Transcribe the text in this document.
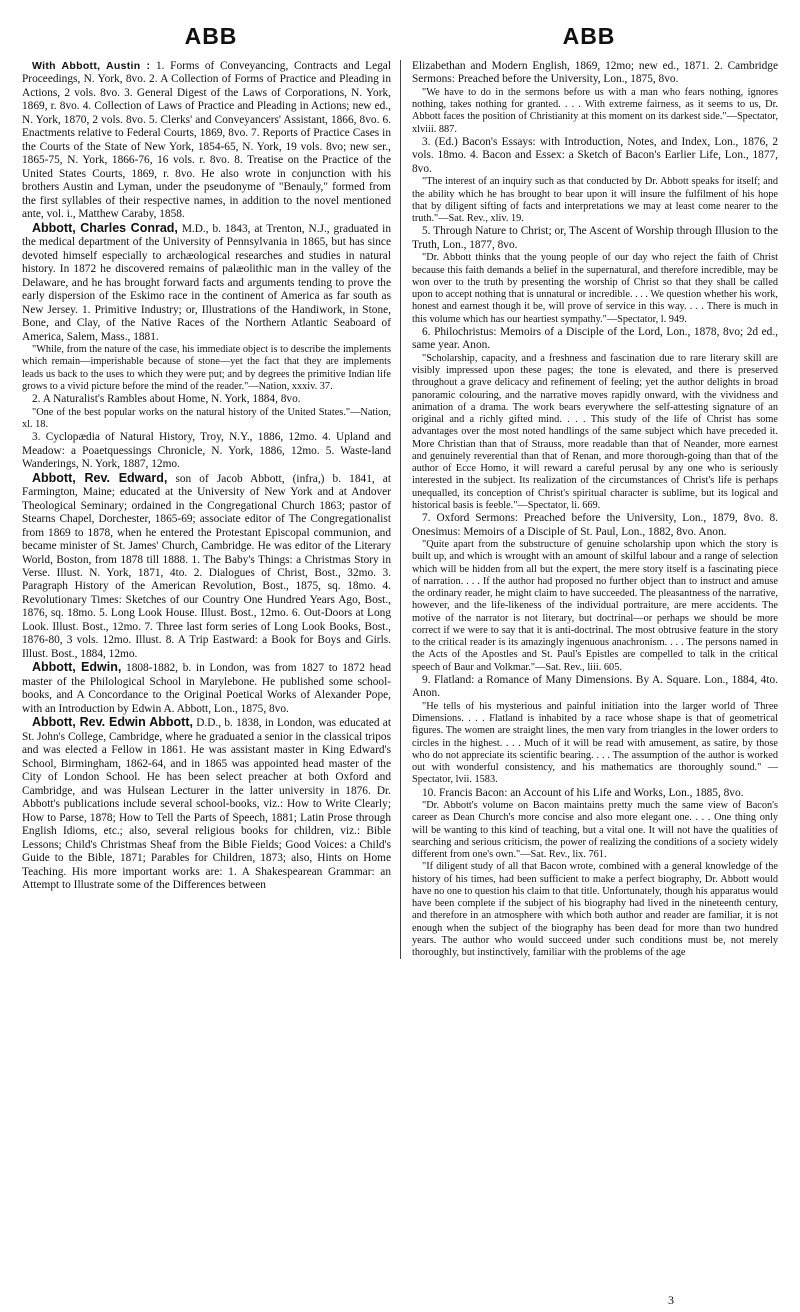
ABB	ABB

With Abbott, Austin : 1. Forms of Conveyancing, Contracts and Legal Proceedings, N. York, 8vo. 2. A Collection of Forms of Practice and Pleading in Actions, 2 vols. 8vo. 3. General Digest of the Laws of Corporations, N. York, 1869, r. 8vo. 4. Collection of Laws of Practice and Pleading in Actions; new ed., N. York, 1870, 2 vols. 8vo. 5. Clerks' and Conveyancers' Assistant, 1866, 8vo. 6. Enactments relative to Federal Courts, 1869, 8vo. 7. Reports of Practice Cases in the Courts of the State of New York, 1854-65, N. York, 19 vols. 8vo; new ser., 1865-75, N. York, 1866-76, 16 vols. r. 8vo. 8. Treatise on the Practice of the United States Courts, 1869, r. 8vo. He also wrote in conjunction with his brothers Austin and Lyman, under the pseudonyme of "Benauly," formed from the first syllables of their respective names, in addition to the novel mentioned ante, vol. i., Matthew Caraby, 1858.

Abbott, Charles Conrad, M.D., b. 1843, at Trenton, N.J., graduated in the medical department of the University of Pennsylvania in 1865, but has since devoted himself especially to archæological researches and studies in natural history. In 1872 he discovered remains of palæolithic man in the valley of the Delaware, and he has brought forward facts and arguments tending to prove the early dispersion of the Eskimo race in the continent of America as far south as New Jersey. 1. Primitive Industry; or, Illustrations of the Handiwork, in Stone, Bone, and Clay, of the Native Races of the Northern Atlantic Seaboard of America, Salem, Mass., 1881.

"While, from the nature of the case, his immediate object is to describe the implements which remain—imperishable because of stone—yet the fact that they are implements leads us back to the uses to which they were put; and by degrees the primitive Indian life grows to a vivid picture before the mind of the reader."—Nation, xxxiv. 37.

2. A Naturalist's Rambles about Home, N. York, 1884, 8vo.

"One of the best popular works on the natural history of the United States."—Nation, xl. 18.

3. Cyclopædia of Natural History, Troy, N.Y., 1886, 12mo. 4. Upland and Meadow: a Poaetquessings Chronicle, N. York, 1886, 12mo. 5. Waste-land Wanderings, N. York, 1887, 12mo.

Abbott, Rev. Edward, son of Jacob Abbott, (infra,) b. 1841, at Farmington, Maine; educated at the University of New York and at Andover Theological Seminary; ordained in the Congregational Church 1863; pastor of Stearns Chapel, Dorchester, 1865-69; associate editor of The Congregationalist from 1869 to 1878, when he entered the Protestant Episcopal communion, and became minister of St. James' Church, Cambridge. He was editor of the Literary World, Boston, from 1878 till 1888. 1. The Baby's Things: a Christmas Story in Verse. Illust. N. York, 1871, 4to. 2. Dialogues of Christ, Bost., 32mo. 3. Paragraph History of the American Revolution, Bost., 1875, sq. 18mo. 4. Revolutionary Times: Sketches of our Country One Hundred Years Ago, Bost., 1876, sq. 18mo. 5. Long Look House. Illust. Bost., 12mo. 6. Out-Doors at Long Look. Illust. Bost., 12mo. 7. Three last form series of Long Look Books, Bost., 1876-80, 3 vols. 12mo. Illust. 8. A Trip Eastward: a Book for Boys and Girls. Illust. Bost., 1884, 12mo.

Abbott, Edwin, 1808-1882, b. in London, was from 1827 to 1872 head master of the Philological School in Marylebone. He published some school-books, and A Concordance to the Original Poetical Works of Alexander Pope, with an Introduction by Edwin A. Abbott, Lon., 1875, 8vo.

Abbott, Rev. Edwin Abbott, D.D., b. 1838, in London, was educated at St. John's College, Cambridge, where he graduated a senior in the classical tripos and was elected a Fellow in 1861. He was assistant master in King Edward's School, Birmingham, 1862-64, and in 1865 was appointed head master of the City of London School. He has been select preacher at both Oxford and Cambridge, and was Hulsean Lecturer in the latter university in 1876. Dr. Abbott's publications include several school-books, viz.: How to Write Clearly; How to Parse, 1878; How to Tell the Parts of Speech, 1881; Latin Prose through English Idioms, etc.; also, several religious books for children, viz.: Bible Lessons; Child's Christmas Sheaf from the Bible Fields; Good Voices: a Child's Guide to the Bible, 1871; Parables for Children, 1873; also, Hints on Home Teaching. His more important works are: 1. A Shakespearean Grammar: an Attempt to Illustrate some of the Differences between

Elizabethan and Modern English, 1869, 12mo; new ed., 1871. 2. Cambridge Sermons: Preached before the University, Lon., 1875, 8vo.

"We have to do in the sermons before us with a man who fears nothing, ignores nothing, takes nothing for granted. . . . With extreme fairness, as it seems to us, Dr. Abbott faces the position of Christianity at this moment on its darkest side."—Spectator, xlviii. 887.

3. (Ed.) Bacon's Essays: with Introduction, Notes, and Index, Lon., 1876, 2 vols. 18mo. 4. Bacon and Essex: a Sketch of Bacon's Earlier Life, Lon., 1877, 8vo.

"The interest of an inquiry such as that conducted by Dr. Abbott speaks for itself; and the ability which he has brought to bear upon it will insure the fulfilment of his hope that by diligent sifting of facts and interpretations we may at least come nearer to the truth."—Sat. Rev., xliv. 19.

5. Through Nature to Christ; or, The Ascent of Worship through Illusion to the Truth, Lon., 1877, 8vo.

"Dr. Abbott thinks that the young people of our day who reject the faith of Christ because this faith demands a belief in the supernatural, and therefore incredible, may be won over to the truth by presenting the worship of Christ so that they shall be called upon to accept nothing that is unnatural or incredible. . . . We question whether his work, honest and earnest though it be, will prove of service in this way. . . . There is much in this volume which has our heartiest sympathy."—Spectator, l. 949.

6. Philochristus: Memoirs of a Disciple of the Lord, Lon., 1878, 8vo; 2d ed., same year. Anon.

"Scholarship, capacity, and a freshness and fascination due to rare literary skill are visibly impressed upon these pages; the tone is elevated, and there is preserved throughout a grave delicacy and refinement of feeling; yet the author delights in broad panoramic colouring, and the narrative moves rapidly onward, with the vividness and animation of a drama. The work bears everywhere the self-attesting signature of an original and a richly gifted mind. . . . This study of the life of Christ has some advantages over the most noted handlings of the same subject which have preceded it. More Christian than that of Strauss, more readable than that of Neander, more earnest and genuinely reverential than that of Renan, and more thorough-going than that of the author of Ecce Homo, it will reward a careful perusal by any one who is seriously interested in the subject. Its realization of the circumstances of Christ's life is perhaps unequalled, its conception of Christ's spiritual character is sublime, but its logical and historical basis is feeble."—Spectator, li. 669.

7. Oxford Sermons: Preached before the University, Lon., 1879, 8vo. 8. Onesimus: Memoirs of a Disciple of St. Paul, Lon., 1882, 8vo. Anon.

"Quite apart from the substructure of genuine scholarship upon which the story is built up, and which is wrought with an amount of skilful labour and a range of selection which will be hidden from all but the expert, the mere story itself is a fascinating piece of narration. . . . If the author had proposed no further object than to instruct and amuse the ordinary reader, he might claim to have succeeded. The pleasantness of the narrative, however, and the life-likeness of the individual portraiture, are mere accidents. The motive of the narrator is not literary, but doctrinal—or perhaps we should be more correct if we were to say that it is anti-doctrinal. The most obtrusive feature in the story to the critical reader is its amazingly ingenuous anachronism. . . . The persons named in the Acts of the Apostles and St. Paul's Epistles are compelled to talk in the critical speech of Baur and Volkmar."—Sat. Rev., liii. 605.

9. Flatland: a Romance of Many Dimensions. By A. Square. Lon., 1884, 4to. Anon.

"He tells of his mysterious and painful initiation into the larger world of Three Dimensions. . . . Flatland is inhabited by a race whose shape is that of geometrical figures. The women are straight lines, the men vary from triangles in the lower orders to circles in the highest. . . . Much of it will be read with amusement, as satire, by those who do not appreciate its scientific bearing. . . . The assumption of the author is worked out with wonderful consistency, and his mathematics are thoroughly sound." —Spectator, lvii. 1583.

10. Francis Bacon: an Account of his Life and Works, Lon., 1885, 8vo.

"Dr. Abbott's volume on Bacon maintains pretty much the same view of Bacon's career as Dean Church's more concise and also more elegant one. . . . One thing only will be wanting to this kind of teaching, but a vital one. It will not have the qualities of searching and serious criticism, the power of realizing the conditions of a society widely different from one's own."—Sat. Rev., lix. 761.

"If diligent study of all that Bacon wrote, combined with a general knowledge of the history of his times, had been sufficient to make a perfect biography, Dr. Abbott would have no one to question his claim to that title. Unfortunately, though his apparatus would have been complete if the subject of his biography had lived in the nineteenth century, and therefore in an atmosphere with which both author and reader are familiar, it is not enough when the subject of the biography has been dead for more than two hundred years. The author who would succeed under such conditions must be, not merely thoroughly, but instinctively, familiar with the problems of the age

3
